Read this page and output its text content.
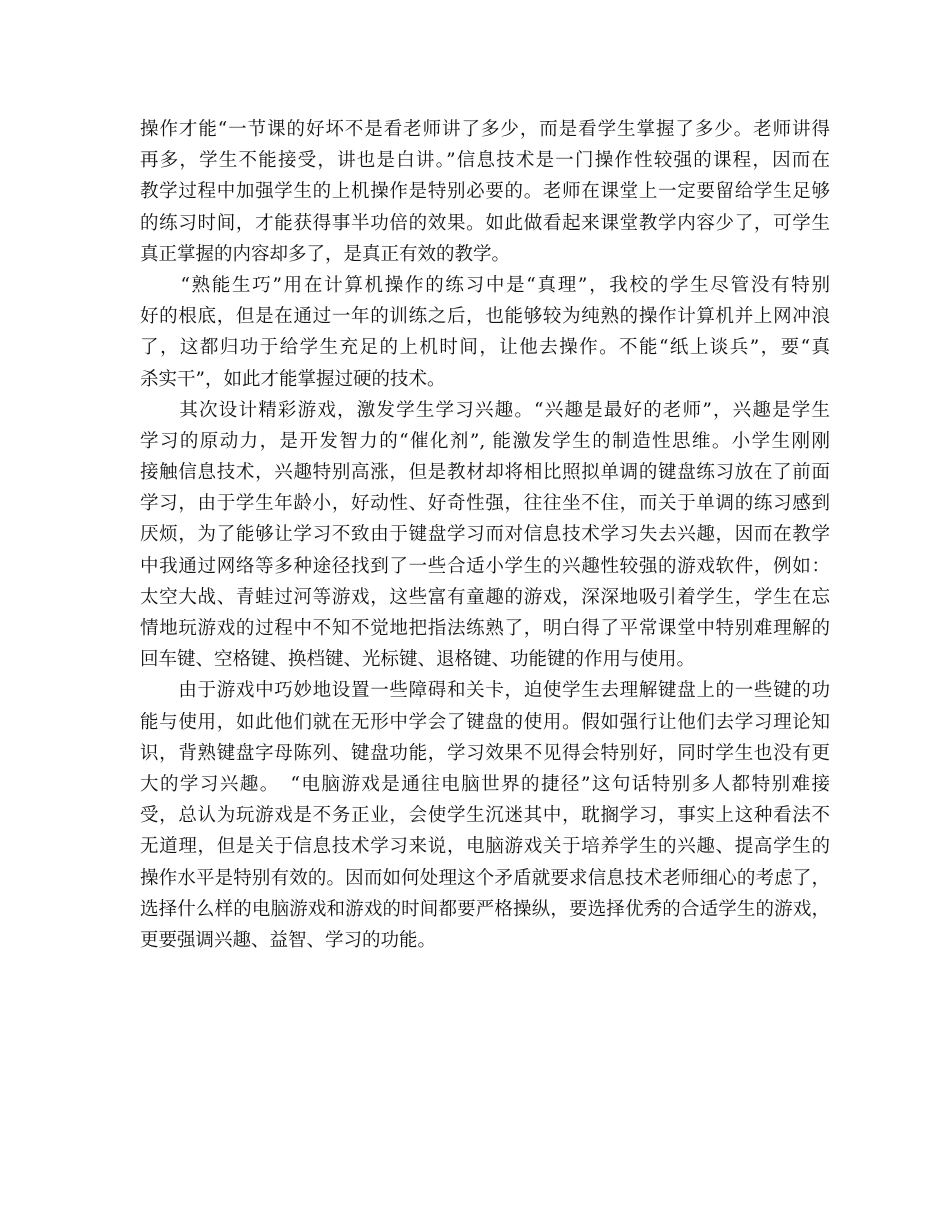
操作才能“一节课的好坏不是看老师讲了多少，而是看学生掌握了多少。老师讲得
再多，学生不能接受，讲也是白讲。”信息技术是一门操作性较强的课程，因而在
教学过程中加强学生的上机操作是特别必要的。老师在课堂上一定要留给学生足够
的练习时间，才能获得事半功倍的效果。如此做看起来课堂教学内容少了，可学生
真正掌握的内容却多了，是真正有效的教学。
　　“熟能生巧”用在计算机操作的练习中是“真理”，我校的学生尽管没有特别
好的根底，但是在通过一年的训练之后，也能够较为纯熟的操作计算机并上网冲浪
了，这都归功于给学生充足的上机时间，让他去操作。不能“纸上谈兵”，要“真
杀实干”，如此才能掌握过硬的技术。
　　其次设计精彩游戏，激发学生学习兴趣。“兴趣是最好的老师”，兴趣是学生
学习的原动力，是开发智力的“催化剂”, 能激发学生的制造性思维。小学生刚刚
接触信息技术，兴趣特别高涨，但是教材却将相比照拟单调的键盘练习放在了前面
学习，由于学生年龄小，好动性、好奇性强，往往坐不住，而关于单调的练习感到
厌烦，为了能够让学习不致由于键盘学习而对信息技术学习失去兴趣，因而在教学
中我通过网络等多种途径找到了一些合适小学生的兴趣性较强的游戏软件，例如：
太空大战、青蛙过河等游戏，这些富有童趣的游戏，深深地吸引着学生，学生在忘
情地玩游戏的过程中不知不觉地把指法练熟了，明白得了平常课堂中特别难理解的
回车键、空格键、换档键、光标键、退格键、功能键的作用与使用。
　　由于游戏中巧妙地设置一些障碍和关卡，迫使学生去理解键盘上的一些键的功
能与使用，如此他们就在无形中学会了键盘的使用。假如强行让他们去学习理论知
识，背熟键盘字母陈列、键盘功能，学习效果不见得会特别好，同时学生也没有更
大的学习兴趣。　“电脑游戏是通往电脑世界的捷径”这句话特别多人都特别难接
受，总认为玩游戏是不务正业，会使学生沉迷其中，耽搁学习，事实上这种看法不
无道理，但是关于信息技术学习来说，电脑游戏关于培养学生的兴趣、提高学生的
操作水平是特别有效的。因而如何处理这个矛盾就要求信息技术老师细心的考虑了，
选择什么样的电脑游戏和游戏的时间都要严格操纵，要选择优秀的合适学生的游戏，
更要强调兴趣、益智、学习的功能。
